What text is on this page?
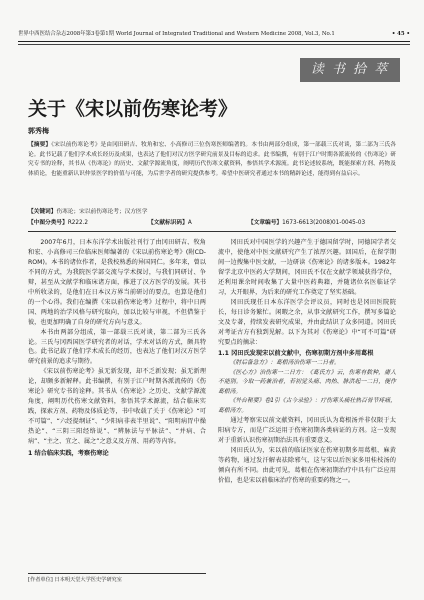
世界中西医结合杂志2008年第3卷第1期 World Journal of Integrated Traditional and Western Medicine 2008, Vol.3, No.1	• 45 •
读 书 拾 萃
关于《宋以前伤寒论考》
郭秀梅
【摘要】《宋以前伤寒论考》是由冈田研吉、牧角和宏、小高修司三位伤寒医师编著的。本书由两部分组成，第一部载三氏对谈，第二部为三氏各论。此书记载了他们学术成长经历及成果，也表达了他们对汉方医学研究前景及目标的追求。此书编撰，有别于江户时期各派流传的《伤寒论》研究专书的诠释，其书从《伤寒论》的历史、文献学源流角度，阐明历代伤寒文献资料，参悟其学术源流。此书论述较系统，既能探索方剂、药物及体质论，也能重新认识仲景医学的价值与可能，为后世学者的研究提供参考。希望中医研究者通过本书的精辟论述，能得到有益启示。
【关键词】伤寒论；宋以前伤寒论考；汉方医学
【中图分类号】R222.2	【文献标识码】A	【文章编号】1673-6613(2008)01-0045-03

2007年6月，日本东洋学术出版社刊行了由冈田研吉、牧角和宏、小高修司三位临床医师编著的《宋以前伤寒论考》(附CD-ROM)。本书的诸位作者，是我校熟悉的异国同仁。多年来，曾以不同的方式，为我院医学部交流与学术探讨，与我们同研讨、争辩，甚至从文献学和临床诸方面，推进了汉方医学的发展。其书中所收录的，是他们在日本汉方界当前研讨的要点，也算是他们的一个心得。我们在编撰《宋以前伤寒论考》过程中，将中日两国、两地的治学风格与研究取向，加以比较与审视，不但借鉴于彼，也更加明确了自身的研究方向与意义。

本书由两部分组成，第一部载三氏对谈，第二部为三氏各论。三氏与冈西国医学研究者的对话，学术对话的方式，颇具特色。此书记载了他们学术成长的经历，也表达了他们对汉方医学研究前景的追求与期待。

《宋以前伤寒论考》虽无新发现，却不乏新发现；虽无新理论，却颇多新解释。此书编撰，有别于江户时期各派流传的《伤寒论》研究专书的诠释。其书从《伤寒论》之历史、文献学源流角度，阐明历代伤寒文献资料，参悟其学术源流，结合临床实践，探索方剂、药物及体质论等，书中收载了关于《伤寒论》“可不可篇”、“六经提纲证”、“少阳病非表半里说”、“阳明病胃中燥热论”、“三阴三阳经络说”、“辨脉法与平脉法”、“并病、合病”、“主之、宜之、属之”之意义及方剂、用药等内容。

1 结合临床实践，考察伤寒论

冈田氏对中国医学的兴趣产生于德国留学时，同德国学者交流中，使他对中医文献研究产生了浓厚兴趣。回国后，在留学期间一边搜集中医文献，一边研读《伤寒论》的诸多版本。1982年留学北京中医药大学期间，冈田氏不仅在文献学领域获得学位，还利用课余时间收集了大量中医药典籍，并随诸位名医临证学习，大开眼界，为后来的研究工作奠定了坚实基础。

冈田氏现任日本东洋医学会评议员，同时也是冈田医院院长，每日诊务繁忙。闲暇之余，从事文献研究工作，撰写多篇论文及专著，持续发表研究成果，并由此结识了众多同道。冈田氏对考证古方有独到见解。以下为其对《伤寒论》中“可不可篇”研究要点的摘录：

1.1 冈田氏发现宋以前文献中，伤寒初期方剂中多用葛根

《肘后备急方》：葛根汤治伤寒一二日者。

《医心方》治伤寒一二日方：《葛氏方》云，伤寒有数种，庸人不能别。今取一药兼治者，若初觉头痛、肉热、脉洪起一二日，便作葛根汤。

《外台秘要》卷1引《古今录验》：疗伤寒头痛壮热百骨节疼痛，葛根汤方。

通过考察宋以前文献资料，冈田氏认为葛根汤并非仅限于太阳病专方，而是广泛运用于伤寒初期各类病证的方剂。这一发现对于重新认识伤寒初期治法具有重要意义。

冈田氏认为，宋以前的临证医家在伤寒初期多用葛根、麻黄等药物，通过发汗解表祛除邪气，这与宋以后医家多用桂枝汤的倾向有所不同。由此可见，葛根在伤寒初期治疗中具有广泛应用价值，也是宋以前临床治疗伤寒的重要药物之一。

[作者单位] 日本明天堂大学医史学研究室
